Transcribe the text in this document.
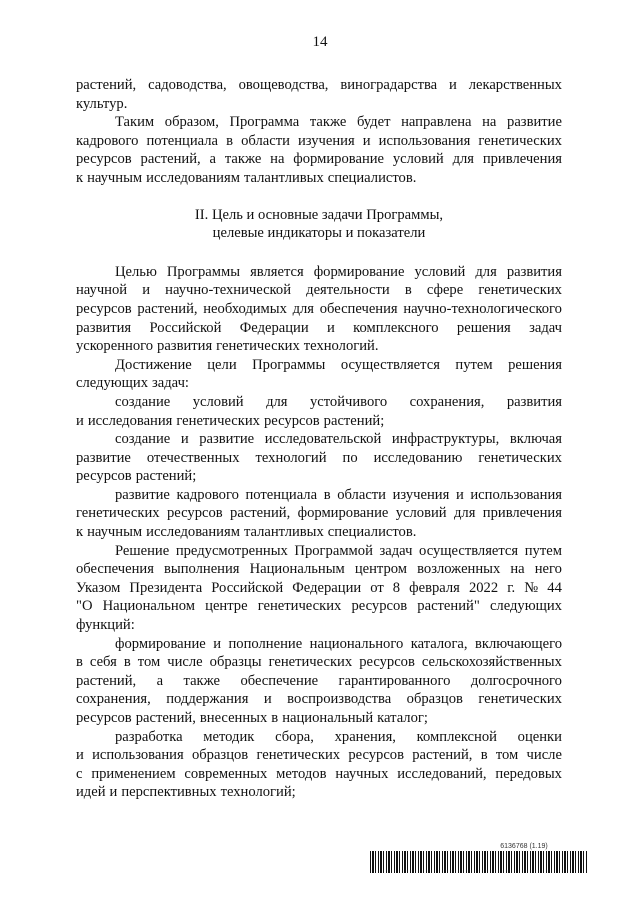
14
растений, садоводства, овощеводства, виноградарства и лекарственных
культур.
Таким образом, Программа также будет направлена на развитие
кадрового потенциала в области изучения и использования генетических
ресурсов растений, а также на формирование условий для привлечения
к научным исследованиям талантливых специалистов.
II. Цель и основные задачи Программы,
целевые индикаторы и показатели
Целью Программы является формирование условий для развития
научной и научно-технической деятельности в сфере генетических
ресурсов растений, необходимых для обеспечения научно-технологического
развития Российской Федерации и комплексного решения задач
ускоренного развития генетических технологий.
Достижение цели Программы осуществляется путем решения
следующих задач:
создание условий для устойчивого сохранения, развития
и исследования генетических ресурсов растений;
создание и развитие исследовательской инфраструктуры, включая
развитие отечественных технологий по исследованию генетических
ресурсов растений;
развитие кадрового потенциала в области изучения и использования
генетических ресурсов растений, формирование условий для привлечения
к научным исследованиям талантливых специалистов.
Решение предусмотренных Программой задач осуществляется путем
обеспечения выполнения Национальным центром возложенных на него
Указом Президента Российской Федерации от 8 февраля 2022 г. № 44
"О Национальном центре генетических ресурсов растений" следующих
функций:
формирование и пополнение национального каталога, включающего
в себя в том числе образцы генетических ресурсов сельскохозяйственных
растений, а также обеспечение гарантированного долгосрочного
сохранения, поддержания и воспроизводства образцов генетических
ресурсов растений, внесенных в национальный каталог;
разработка методик сбора, хранения, комплексной оценки
и использования образцов генетических ресурсов растений, в том числе
с применением современных методов научных исследований, передовых
идей и перспективных технологий;
6136768 (1.19)
